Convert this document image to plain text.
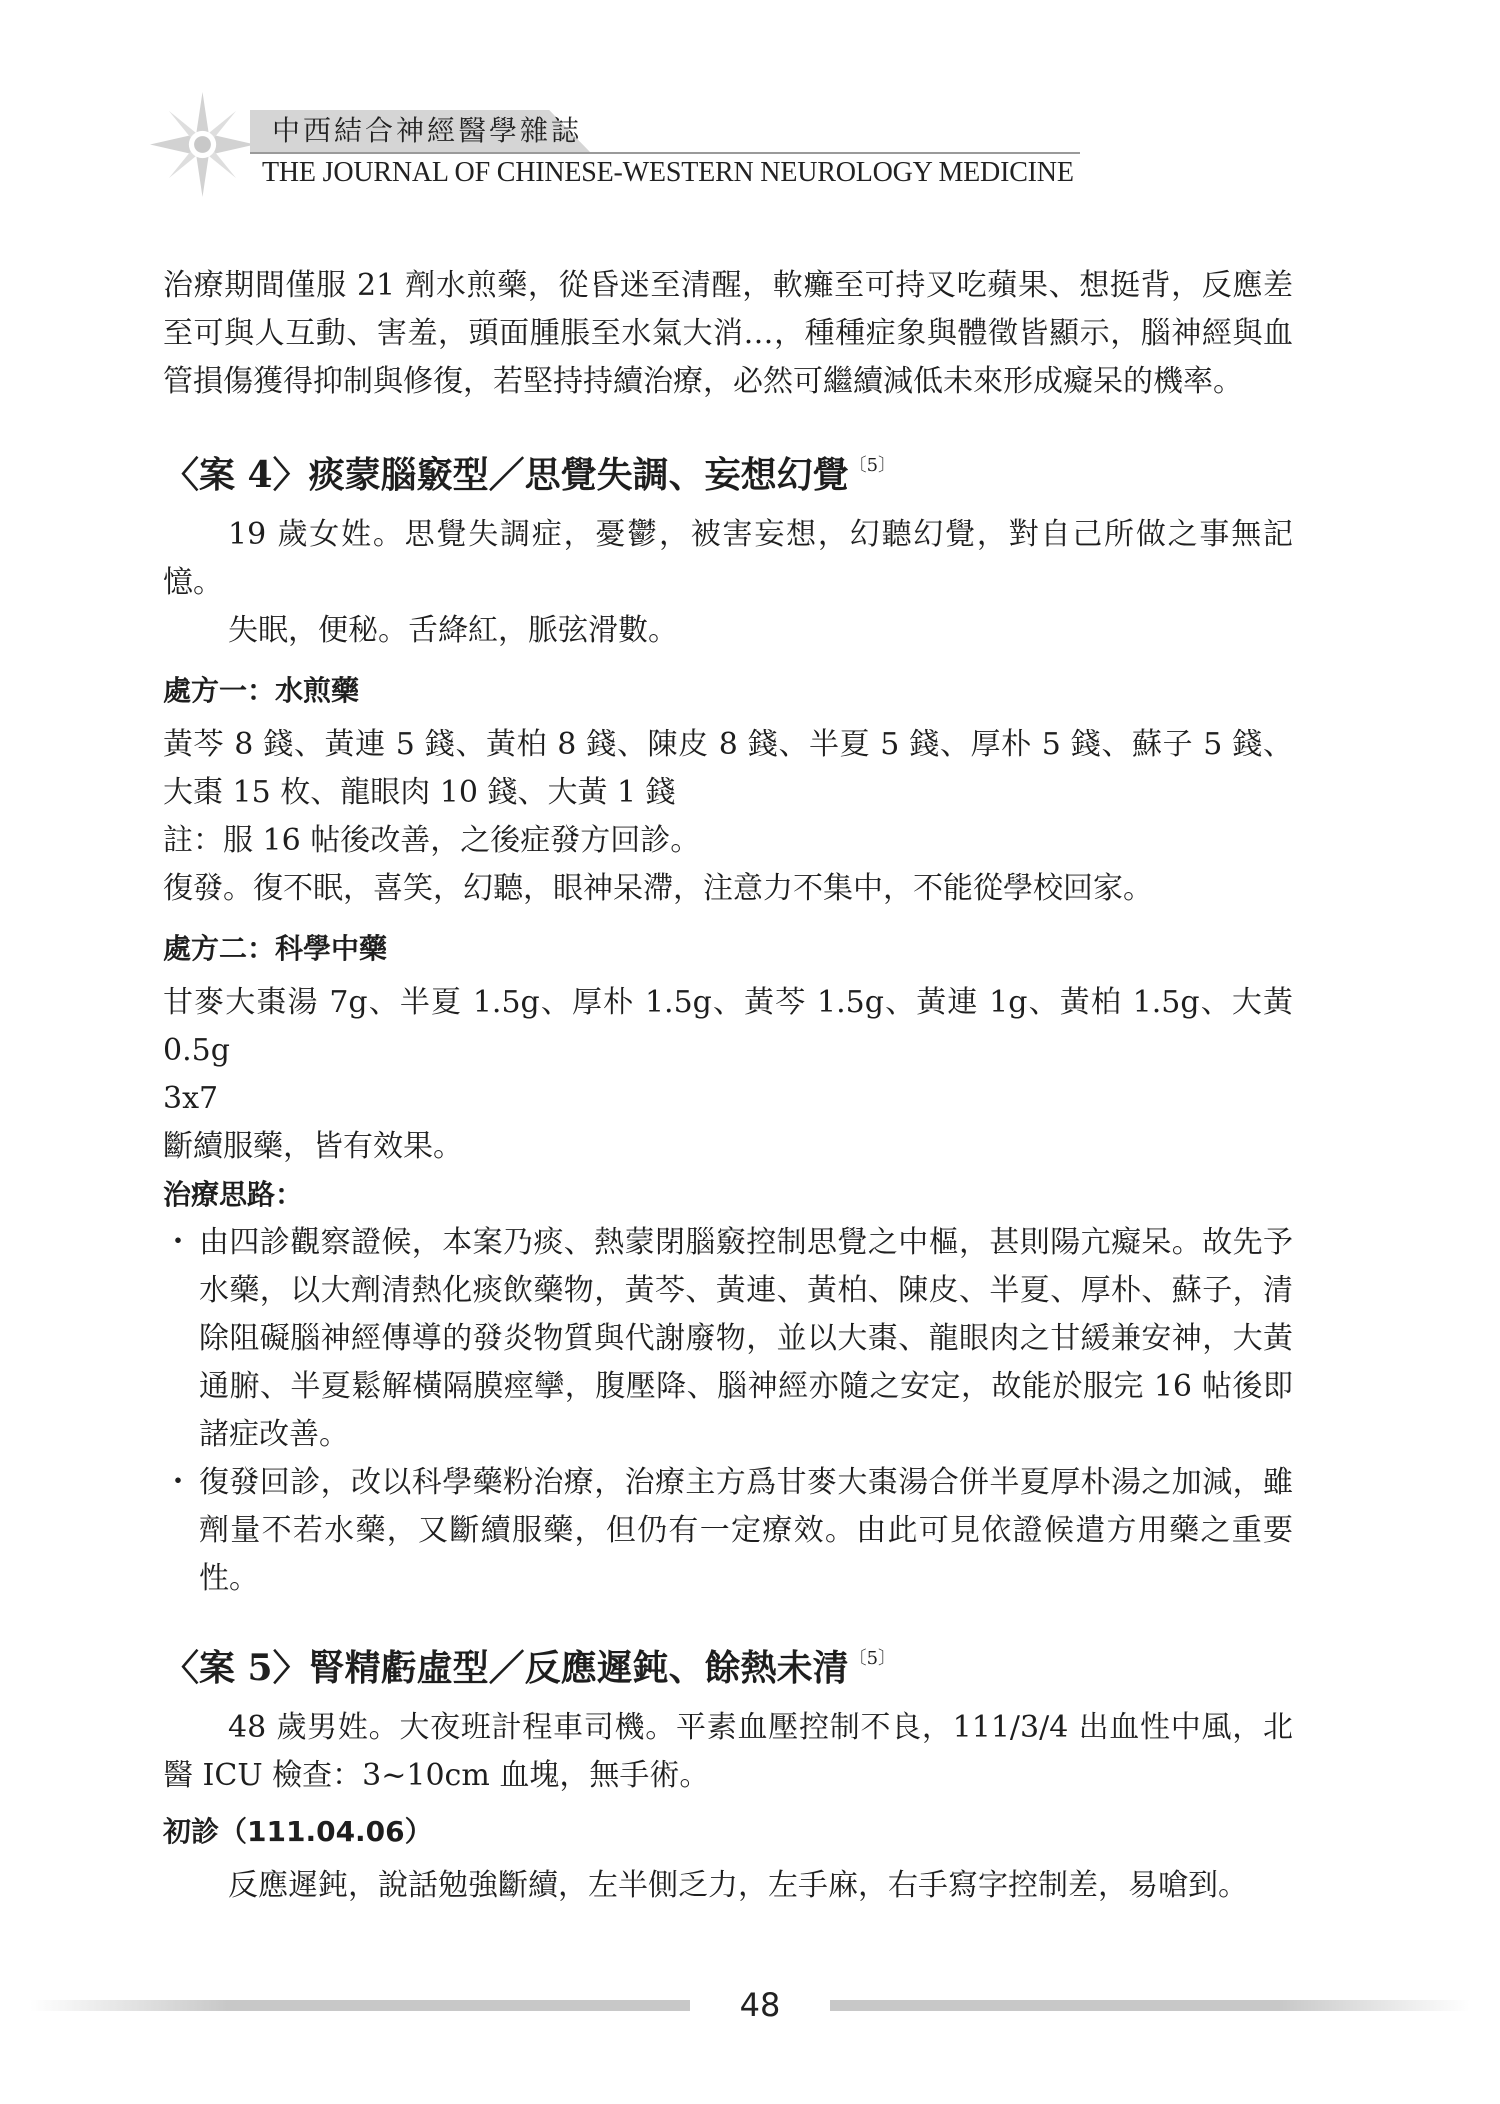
中西結合神經醫學雜誌
THE JOURNAL OF CHINESE-WESTERN NEUROLOGY MEDICINE

治療期間僅服 21 劑水煎藥，從昏迷至清醒，軟癱至可持叉吃蘋果、想挺背，反應差至可與人互動、害羞，頭面腫脹至水氣大消…，種種症象與體徵皆顯示，腦神經與血管損傷獲得抑制與修復，若堅持持續治療，必然可繼續減低未來形成癡呆的機率。

〈案 4〉痰蒙腦竅型／思覺失調、妄想幻覺$^{〔5〕}$

19 歲女姓。思覺失調症，憂鬱，被害妄想，幻聽幻覺，對自己所做之事無記憶。

失眠，便秘。舌絳紅，脈弦滑數。

處方一：水煎藥

黃芩 8 錢、黃連 5 錢、黃柏 8 錢、陳皮 8 錢、半夏 5 錢、厚朴 5 錢、蘇子 5 錢、大棗 15 枚、龍眼肉 10 錢、大黃 1 錢

註：服 16 帖後改善，之後症發方回診。

復發。復不眠，喜笑，幻聽，眼神呆滯，注意力不集中，不能從學校回家。

處方二：科學中藥

甘麥大棗湯 7g、半夏 1.5g、厚朴 1.5g、黃芩 1.5g、黃連 1g、黃柏 1.5g、大黃 0.5g

3x7

斷續服藥，皆有效果。

治療思路：

・ 由四診觀察證候，本案乃痰、熱蒙閉腦竅控制思覺之中樞，甚則陽亢癡呆。故先予水藥，以大劑清熱化痰飲藥物，黃芩、黃連、黃柏、陳皮、半夏、厚朴、蘇子，清除阻礙腦神經傳導的發炎物質與代謝廢物，並以大棗、龍眼肉之甘緩兼安神，大黃通腑、半夏鬆解橫隔膜痙攣，腹壓降、腦神經亦隨之安定，故能於服完 16 帖後即諸症改善。
・ 復發回診，改以科學藥粉治療，治療主方爲甘麥大棗湯合併半夏厚朴湯之加減，雖劑量不若水藥，又斷續服藥，但仍有一定療效。由此可見依證候遣方用藥之重要性。

〈案 5〉腎精虧虛型／反應遲鈍、餘熱未清$^{〔5〕}$

48 歲男姓。大夜班計程車司機。平素血壓控制不良，111/3/4 出血性中風，北醫 ICU 檢查：3~10cm 血塊，無手術。

初診（111.04.06）

反應遲鈍，說話勉強斷續，左半側乏力，左手麻，右手寫字控制差，易嗆到。

48
